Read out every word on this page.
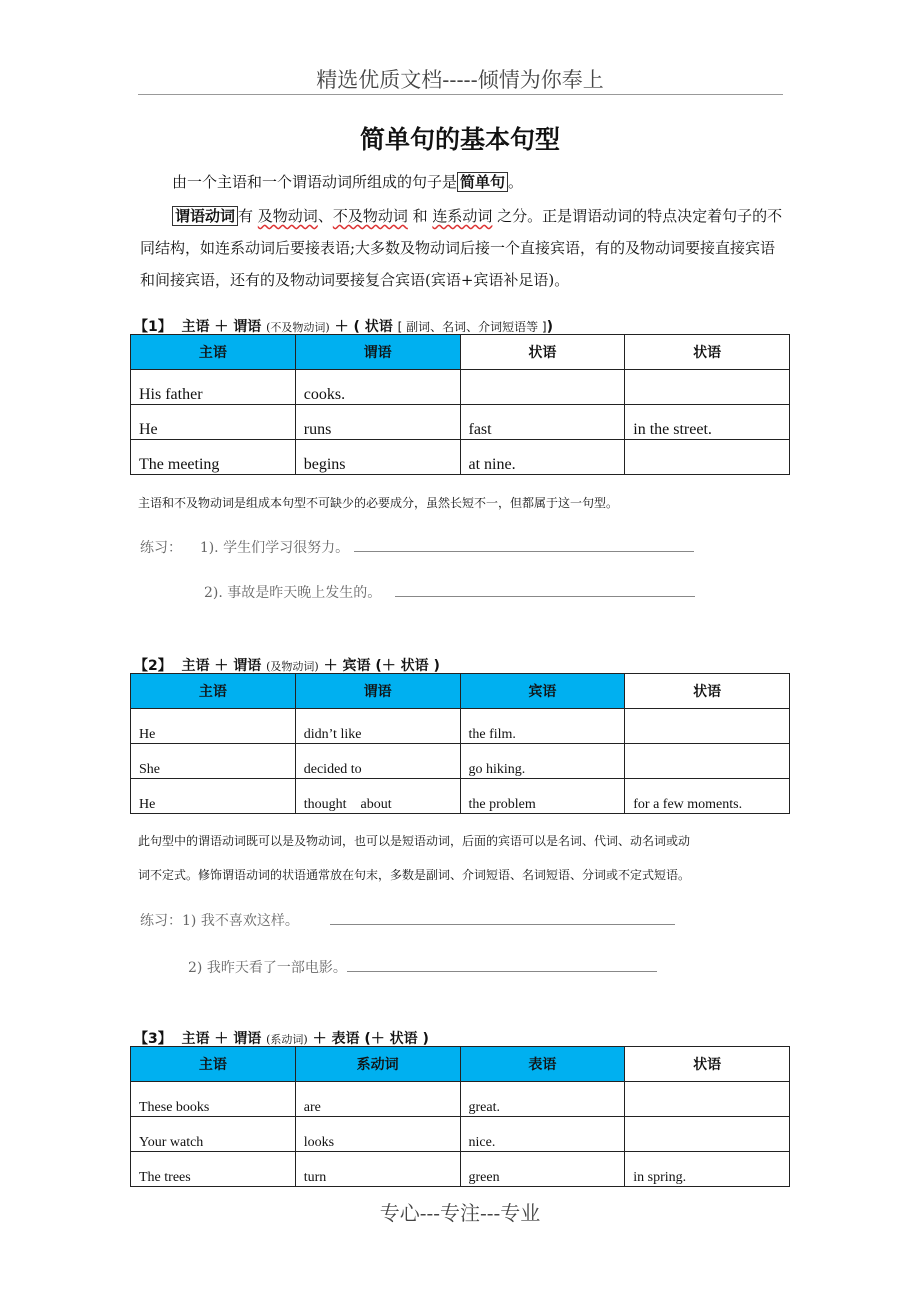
精选优质文档-----倾情为你奉上
简单句的基本句型
由一个主语和一个谓语动词所组成的句子是 简单句 。
谓语动词 有 及物动词、不及物动词 和 连系动词 之分。正是谓语动词的特点决定着句子的不同结构，如连系动词后要接表语;大多数及物动词后接一个直接宾语，有的及物动词要接直接宾语和间接宾语，还有的及物动词要接复合宾语(宾语+宾语补足语)。
【1】 主语 ＋ 谓语 (不及物动词) ＋ ( 状语 [ 副词、名词、介词短语等 ])
主语	谓语	状语	状语
His father	cooks.		
He	runs	fast	in the street.
The meeting	begins	at nine.	
主语和不及物动词是组成本句型不可缺少的必要成分，虽然长短不一，但都属于这一句型。
练习： 1). 学生们学习很努力。
2). 事故是昨天晚上发生的。
【2】 主语 ＋ 谓语 (及物动词) ＋ 宾语 (＋ 状语 )
主语	谓语	宾语	状语
He	didn’t like	the film.	
She	decided to	go hiking.	
He	thought    about	the problem	for a few moments.
此句型中的谓语动词既可以是及物动词，也可以是短语动词，后面的宾语可以是名词、代词、动名词或动
词不定式。修饰谓语动词的状语通常放在句末，多数是副词、介词短语、名词短语、分词或不定式短语。
练习：1) 我不喜欢这样。
2) 我昨天看了一部电影。
【3】 主语 ＋ 谓语 (系动词) ＋ 表语 (＋ 状语 )
主语	系动词	表语	状语
These books	are	great.	
Your watch	looks	nice.	
The trees	turn	green	in spring.
专心---专注---专业
